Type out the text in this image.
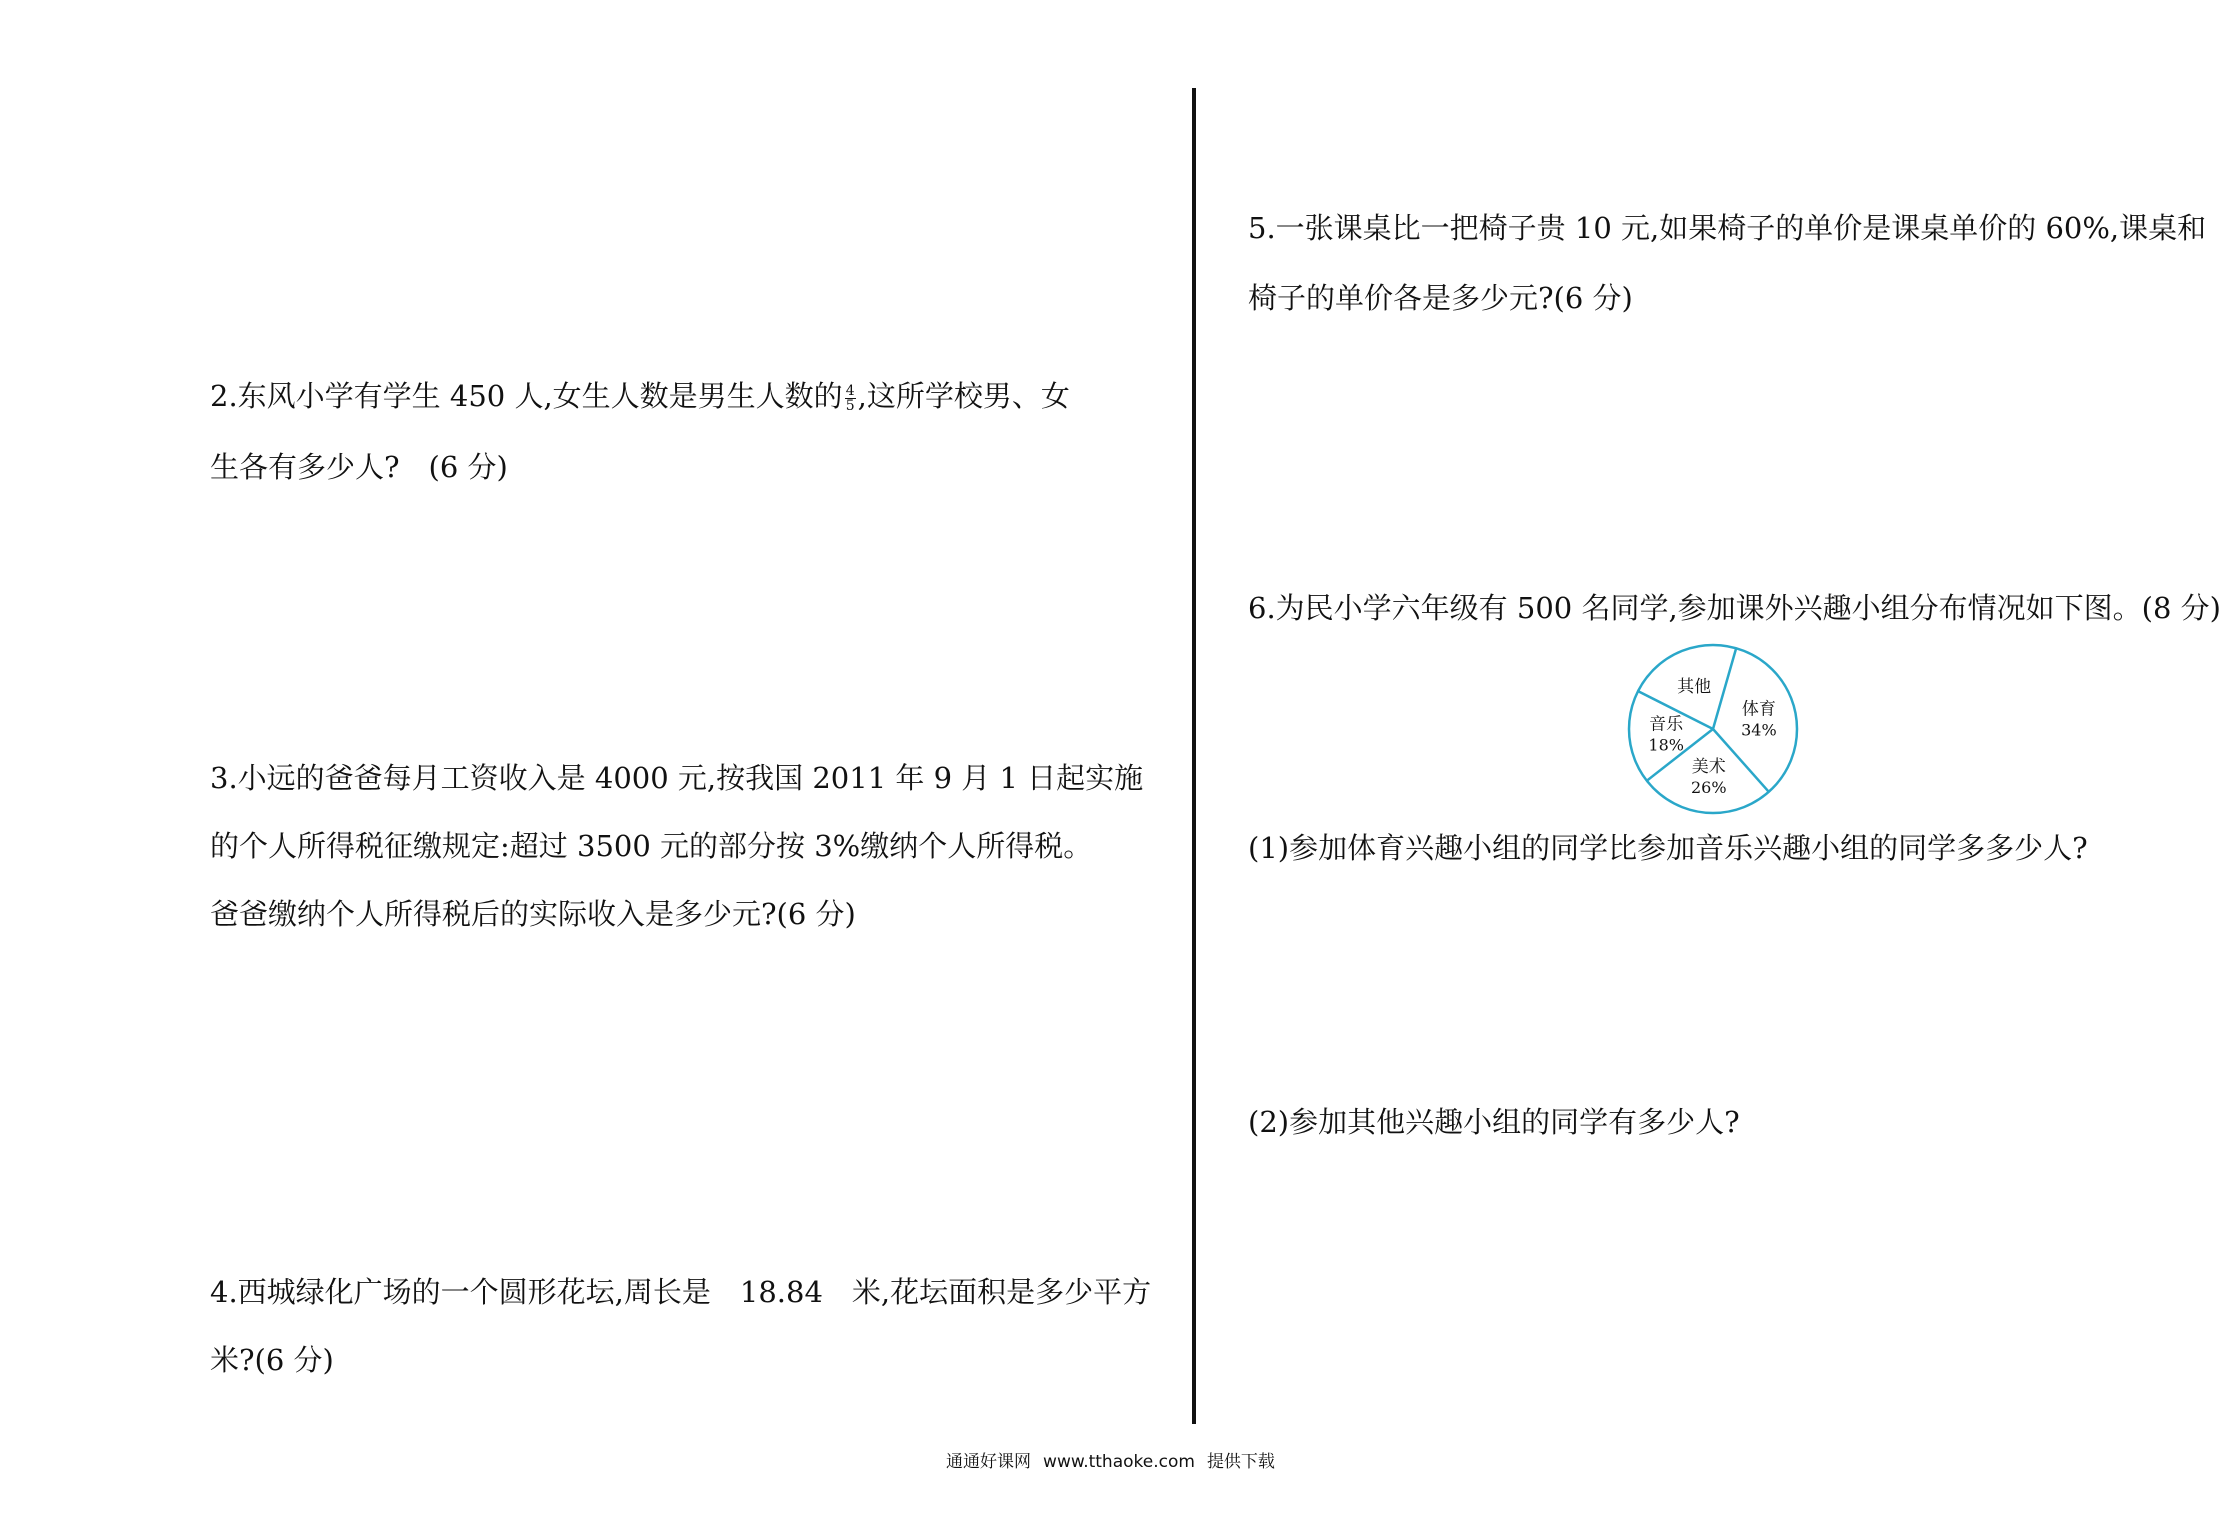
2.东风小学有学生 450 人,女生人数是男生人数的 $\frac{4}{5}$ ,这所学校男、女
生各有多少人?　(6 分)
3.小远的爸爸每月工资收入是 4000 元,按我国 2011 年 9 月 1 日起实施
的个人所得税征缴规定:超过 3500 元的部分按 3%缴纳个人所得税。
爸爸缴纳个人所得税后的实际收入是多少元?(6 分)
4.西城绿化广场的一个圆形花坛,周长是　18.84　米,花坛面积是多少平方
米?(6 分)
5.一张课桌比一把椅子贵 10 元,如果椅子的单价是课桌单价的 60%,课桌和
椅子的单价各是多少元?(6 分)
6.为民小学六年级有 500 名同学,参加课外兴趣小组分布情况如下图。(8 分)
体育
34%
美术
26%
音乐
18%
其他
(1)参加体育兴趣小组的同学比参加音乐兴趣小组的同学多多少人?
(2)参加其他兴趣小组的同学有多少人?
通通好课网 www.tthaoke.com 提供下载
